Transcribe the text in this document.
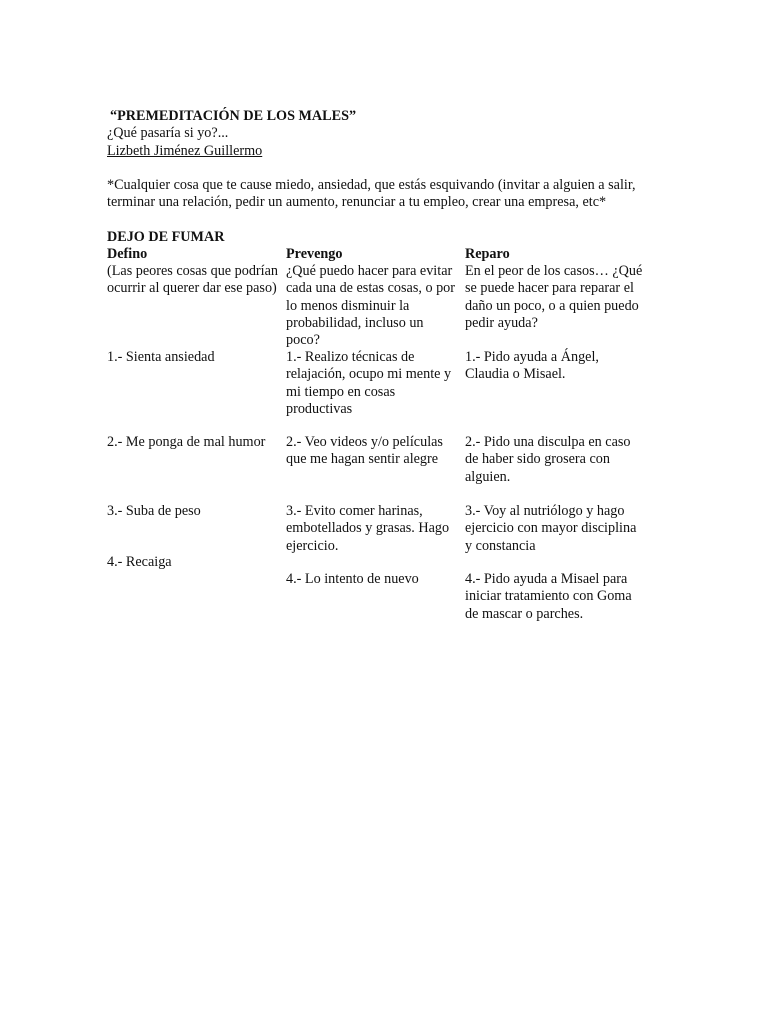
“PREMEDITACIÓN DE LOS MALES”

¿Qué pasaría si yo?...

Lizbeth Jiménez Guillermo

*Cualquier cosa que te cause miedo, ansiedad, que estás esquivando (invitar a alguien a salir, terminar una relación, pedir un aumento, renunciar a tu empleo, crear una empresa, etc*

DEJO DE FUMAR

Defino
(Las peores cosas que podrían ocurrir al querer dar ese paso)
1.- Sienta ansiedad
2.- Me ponga de mal humor
3.- Suba de peso
4.- Recaiga
Prevengo
¿Qué puedo hacer para evitar cada una de estas cosas, o por lo menos disminuir la probabilidad, incluso un poco?
1.- Realizo técnicas de relajación, ocupo mi mente y mi tiempo en cosas productivas
2.- Veo videos y/o películas que me hagan sentir alegre
3.- Evito comer harinas, embotellados y grasas. Hago ejercicio.
4.- Lo intento de nuevo
Reparo
En el peor de los casos… ¿Qué se puede hacer para reparar el daño un poco, o a quien puedo pedir ayuda?
1.- Pido ayuda a Ángel, Claudia o Misael.
2.- Pido una disculpa en caso de haber sido grosera con alguien.
3.- Voy al nutriólogo y hago ejercicio con mayor disciplina y constancia
4.- Pido ayuda a Misael para iniciar tratamiento con Goma de mascar o parches.
